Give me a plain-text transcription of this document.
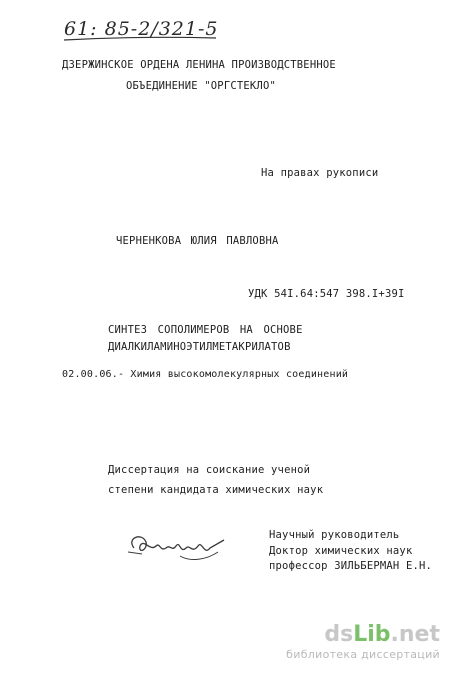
61: 85-2/321-5
ДЗЕРЖИНСКОЕ ОРДЕНА ЛЕНИНА ПРОИЗВОДСТВЕННОЕ
ОБЪЕДИНЕНИЕ "ОРГСТЕКЛО"
На правах рукописи
ЧЕРНЕНКОВА ЮЛИЯ ПАВЛОВНА
УДК 54I.64:547 398.I+39I
СИНТЕЗ СОПОЛИМЕРОВ НА ОСНОВЕ
ДИАЛКИЛАМИНОЭТИЛМЕТАКРИЛАТОВ
02.00.06.- Химия высокомолекулярных соединений
Диссертация на соискание ученой
степени кандидата химических наук
Научный руководитель
Доктор химических наук
профессор ЗИЛЬБЕРМАН Е.Н.
dsLib.net
библиотека диссертаций
